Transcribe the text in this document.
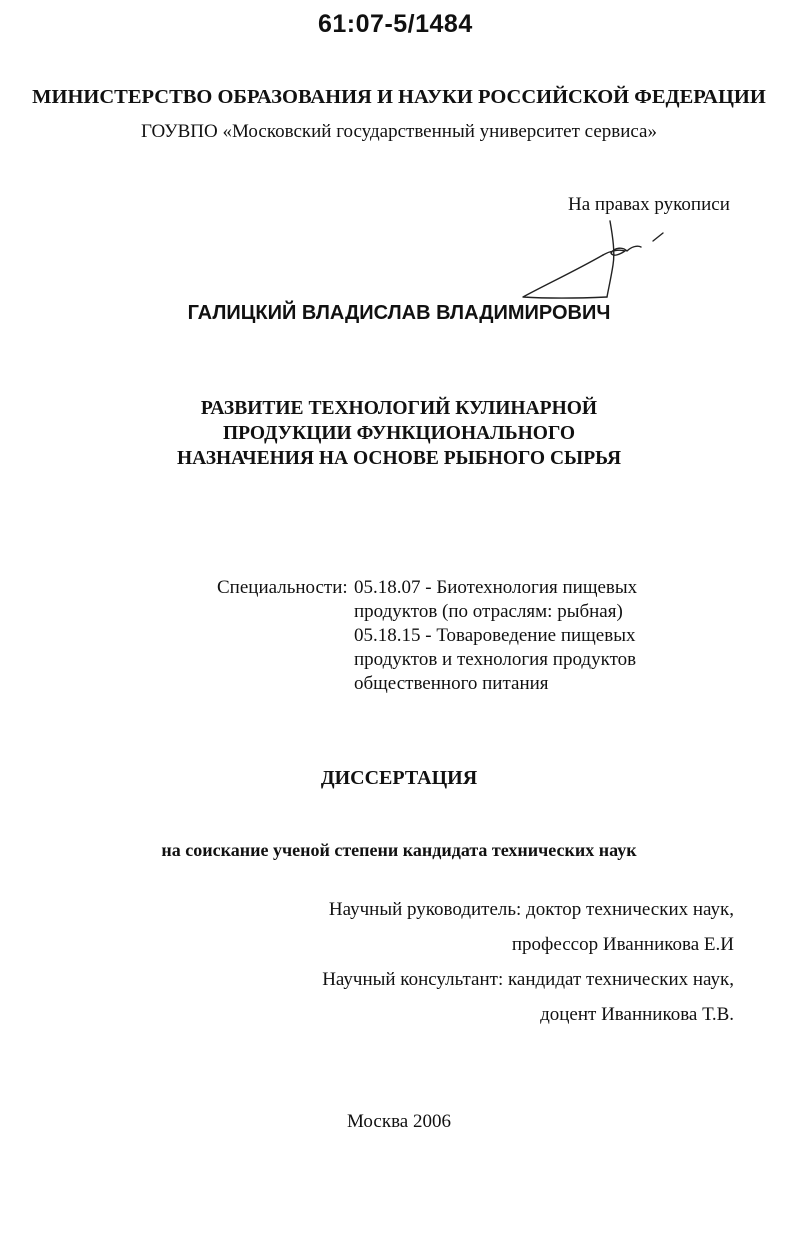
61:07-5/1484
МИНИСТЕРСТВО ОБРАЗОВАНИЯ И НАУКИ РОССИЙСКОЙ ФЕДЕРАЦИИ
ГОУВПО «Московский государственный университет сервиса»
На правах рукописи
ГАЛИЦКИЙ ВЛАДИСЛАВ ВЛАДИМИРОВИЧ
РАЗВИТИЕ ТЕХНОЛОГИЙ КУЛИНАРНОЙ
ПРОДУКЦИИ ФУНКЦИОНАЛЬНОГО
НАЗНАЧЕНИЯ НА ОСНОВЕ РЫБНОГО СЫРЬЯ
Специальности: 05.18.07 - Биотехнология пищевых
продуктов (по отраслям: рыбная)
05.18.15 - Товароведение пищевых
продуктов и технология продуктов
общественного питания
ДИССЕРТАЦИЯ
на соискание ученой степени кандидата технических наук
Научный руководитель: доктор технических наук,
профессор Иванникова Е.И
Научный консультант: кандидат технических наук,
доцент Иванникова Т.В.
Москва 2006
